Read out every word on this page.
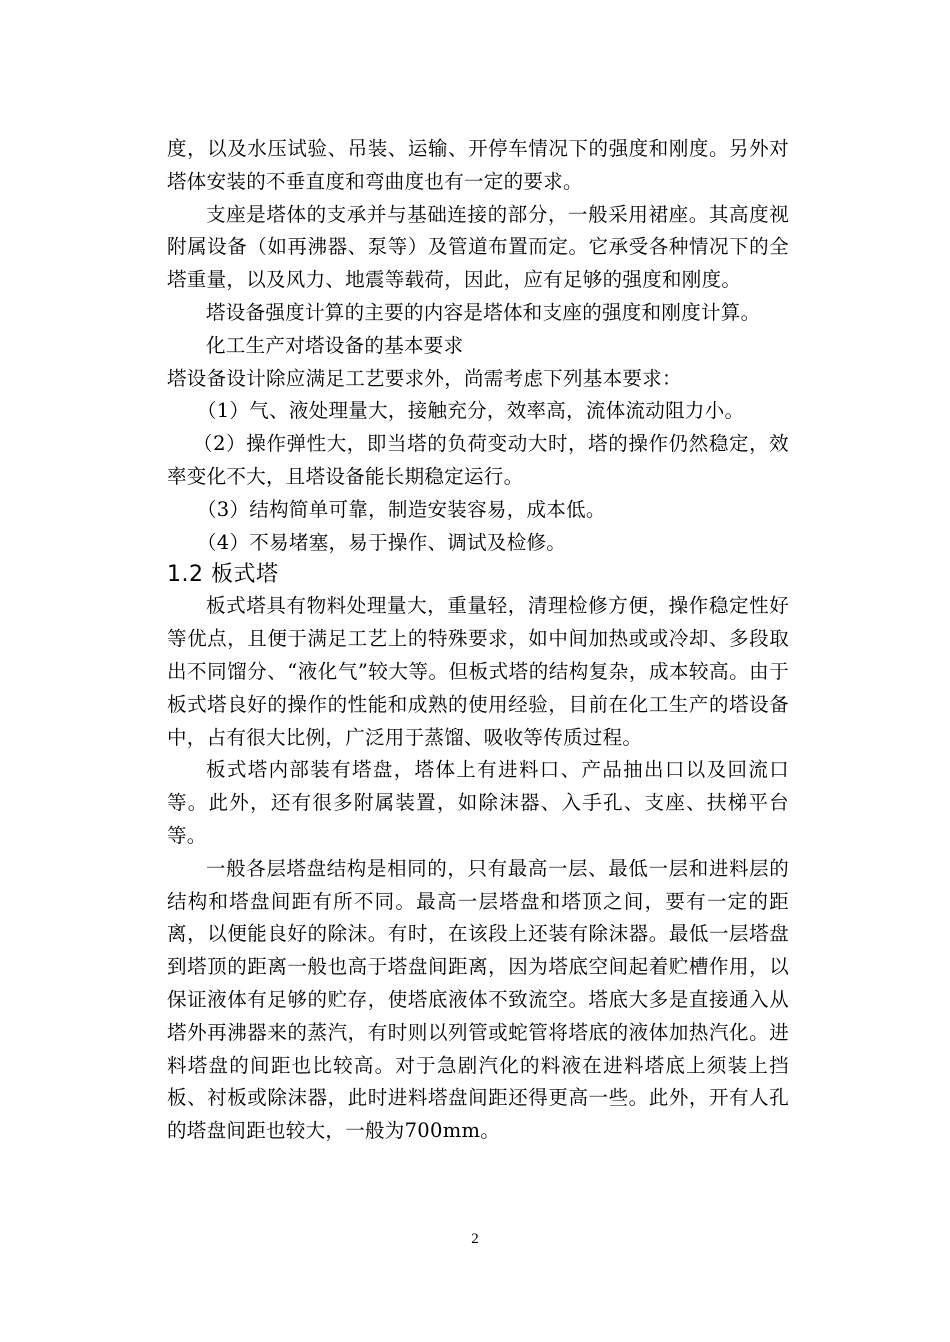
度，以及水压试验、吊装、运输、开停车情况下的强度和刚度。另外对塔体安装的不垂直度和弯曲度也有一定的要求。

支座是塔体的支承并与基础连接的部分，一般采用裙座。其高度视附属设备（如再沸器、泵等）及管道布置而定。它承受各种情况下的全塔重量，以及风力、地震等载荷，因此，应有足够的强度和刚度。

塔设备强度计算的主要的内容是塔体和支座的强度和刚度计算。

化工生产对塔设备的基本要求

塔设备设计除应满足工艺要求外，尚需考虑下列基本要求：

（1）气、液处理量大，接触充分，效率高，流体流动阻力小。

（2）操作弹性大，即当塔的负荷变动大时，塔的操作仍然稳定，效率变化不大，且塔设备能长期稳定运行。

（3）结构简单可靠，制造安装容易，成本低。

（4）不易堵塞，易于操作、调试及检修。

1.2 板式塔

板式塔具有物料处理量大，重量轻，清理检修方便，操作稳定性好等优点，且便于满足工艺上的特殊要求，如中间加热或或冷却、多段取出不同馏分、“液化气”较大等。但板式塔的结构复杂，成本较高。由于板式塔良好的操作的性能和成熟的使用经验，目前在化工生产的塔设备中，占有很大比例，广泛用于蒸馏、吸收等传质过程。

板式塔内部装有塔盘，塔体上有进料口、产品抽出口以及回流口等。此外，还有很多附属装置，如除沫器、入手孔、支座、扶梯平台等。

一般各层塔盘结构是相同的，只有最高一层、最低一层和进料层的结构和塔盘间距有所不同。最高一层塔盘和塔顶之间，要有一定的距离，以便能良好的除沫。有时，在该段上还装有除沫器。最低一层塔盘到塔顶的距离一般也高于塔盘间距离，因为塔底空间起着贮槽作用，以保证液体有足够的贮存，使塔底液体不致流空。塔底大多是直接通入从塔外再沸器来的蒸汽，有时则以列管或蛇管将塔底的液体加热汽化。进料塔盘的间距也比较高。对于急剧汽化的料液在进料塔底上须装上挡板、衬板或除沫器，此时进料塔盘间距还得更高一些。此外，开有人孔的塔盘间距也较大，一般为700mm。

2
